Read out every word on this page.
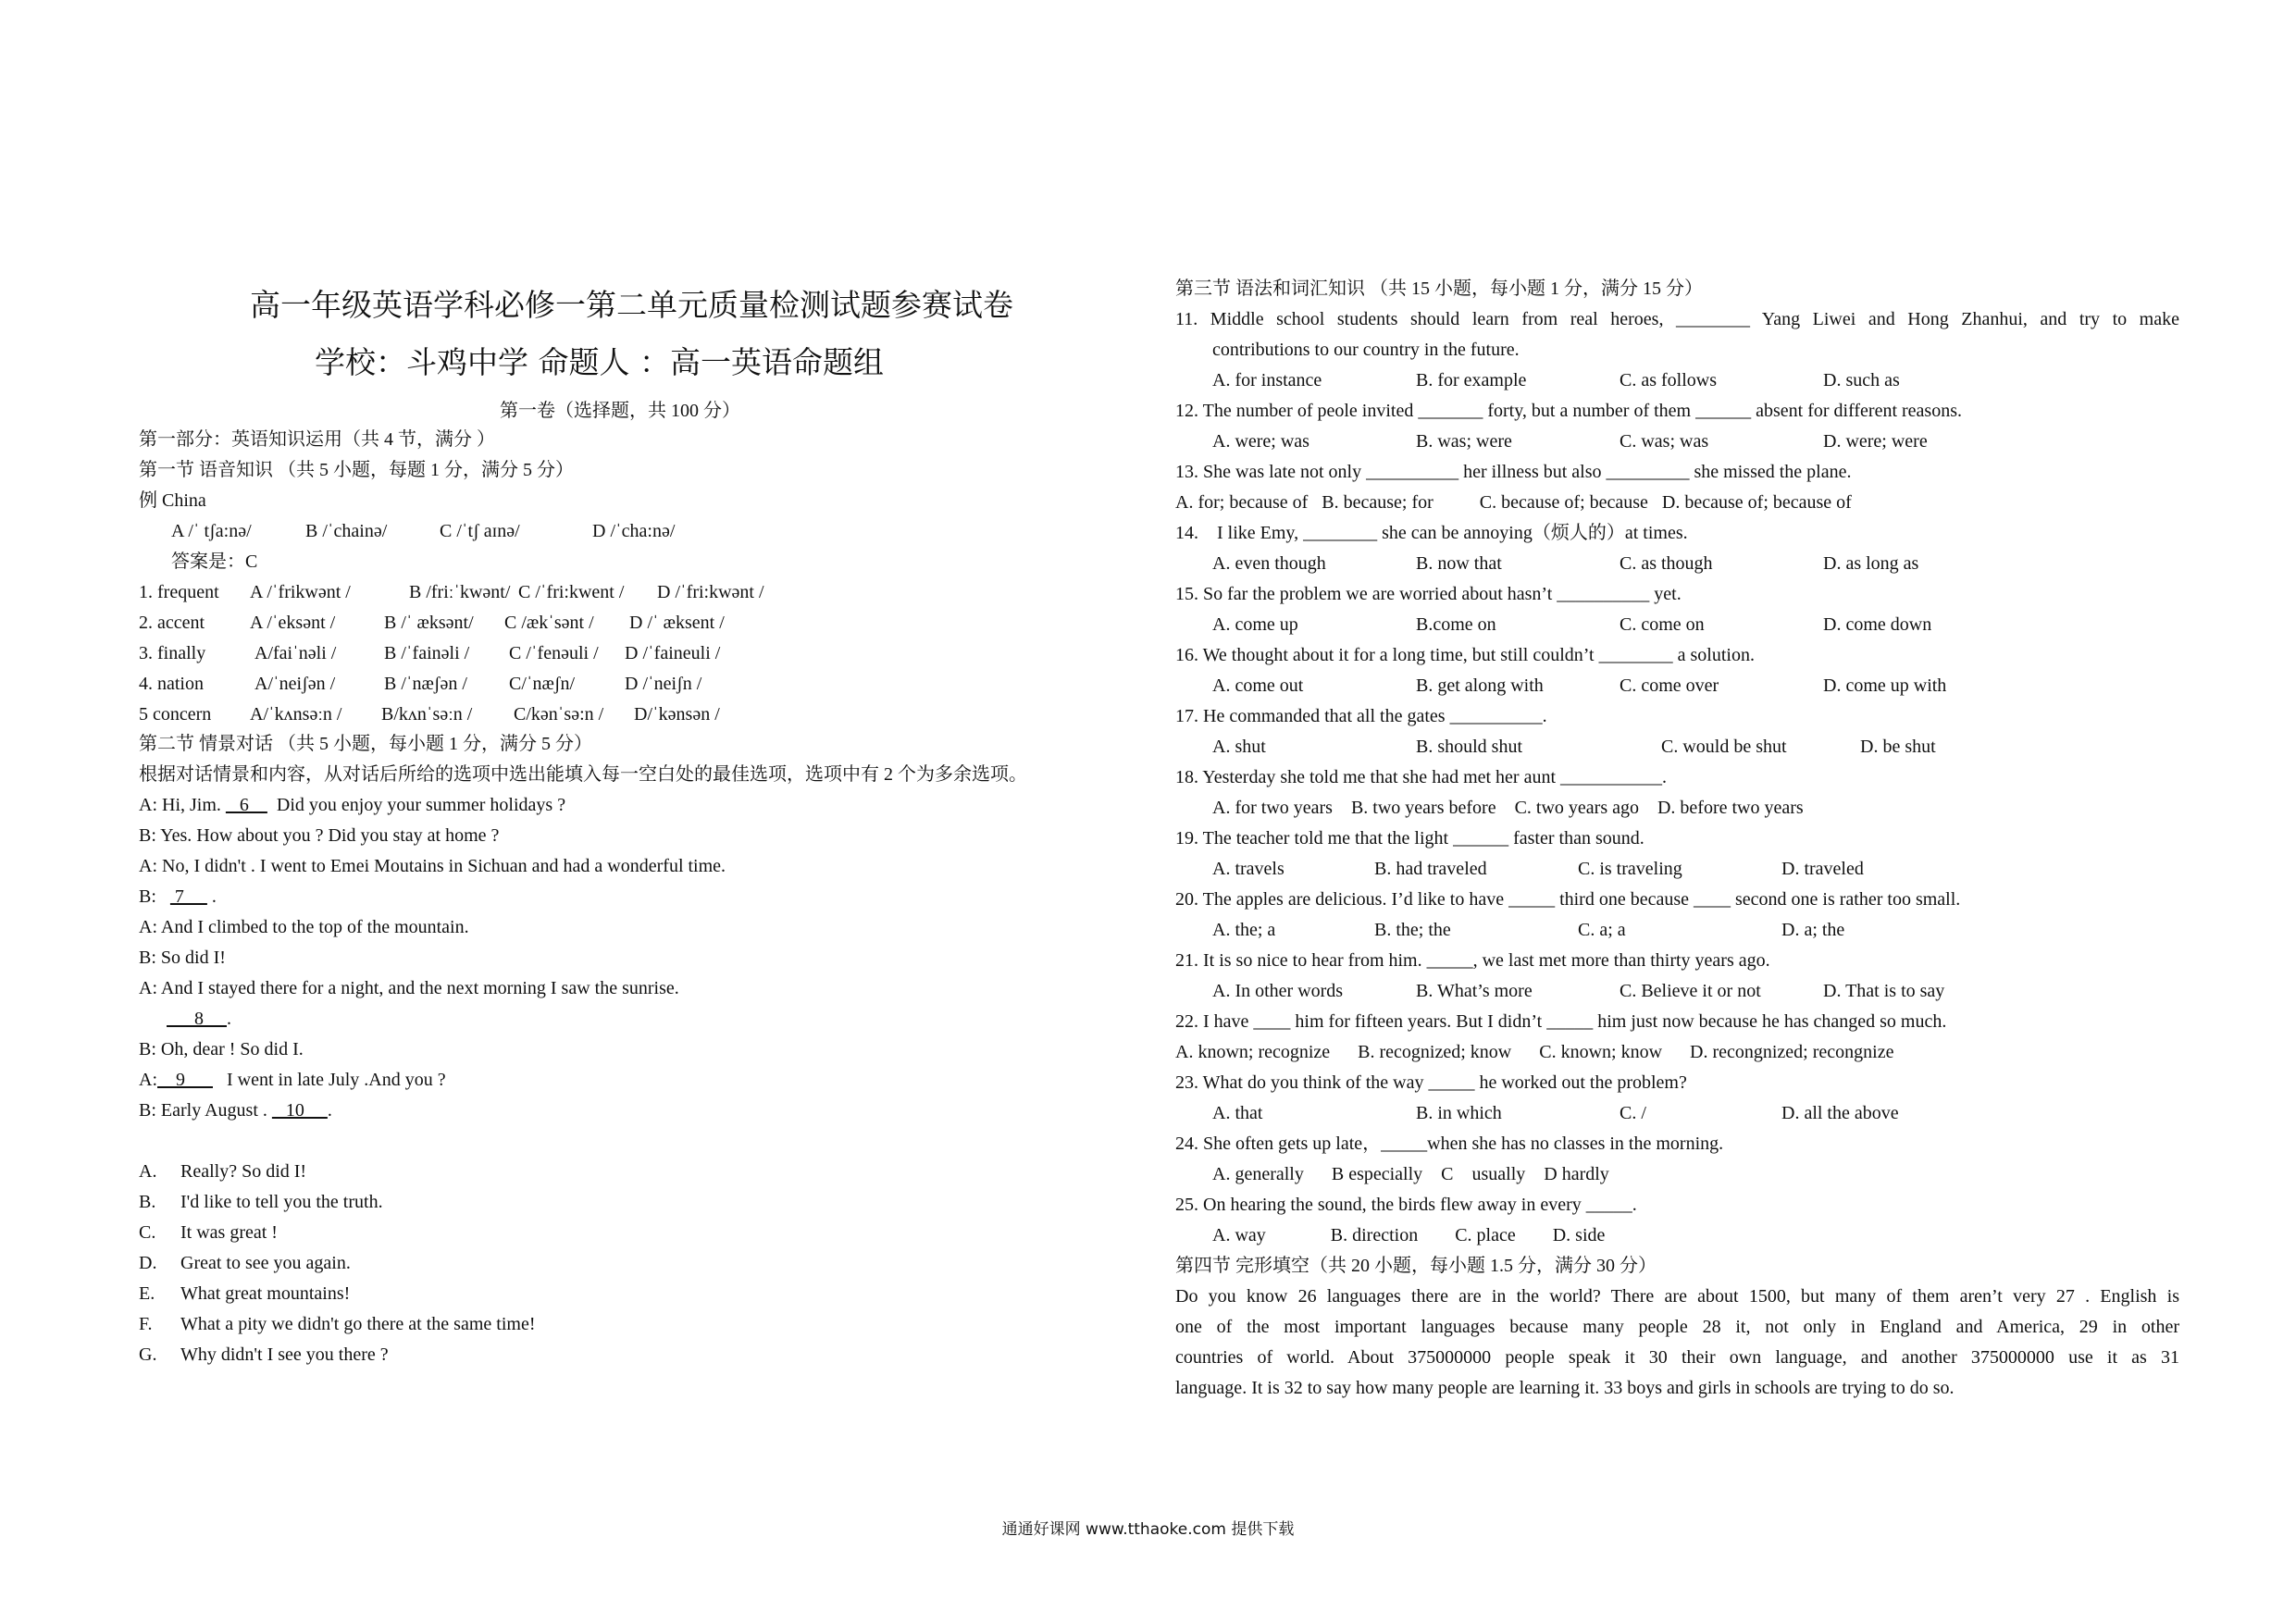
高一年级英语学科必修一第二单元质量检测试题参赛试卷
学校：斗鸡中学 命题人 ：高一英语命题组
第一卷（选择题，共 100 分）
第一部分：英语知识运用（共 4 节，满分 ）
第一节 语音知识 （共 5 小题，每题 1 分，满分 5 分）
例 China
A /ˈ tʃa:nə/	B /ˈchainə/	C /ˈtʃ aɪnə/	D /ˈcha:nə/
答案是：C
1. frequent A /ˈfrikwənt /	B /friːˈkwənt/ C /ˈfri:kwent / D /ˈfri:kwənt /
2. accent A /ˈeksənt /	B /ˈ æksənt/ C /ækˈsənt / D /ˈ æksent /
3. finally	A/faiˈnəli /	B /ˈfainəli / C /ˈfenəuli / D /ˈfaineuli /
4. nation	A/ˈneiʃən /	B /ˈnæʃən / C/ˈnæʃn/	D /ˈneiʃn /
5 concern A/ˈkʌnsəːn / B/kʌnˈsəːn / C/kənˈsə:n / D/ˈkənsən /
第二节 情景对话 （共 5 小题，每小题 1 分，满分 5 分）
根据对话情景和内容，从对话后所给的选项中选出能填入每一空白处的最佳选项，选项中有 2 个为多余选项。
A: Hi, Jim.    6      Did you enjoy your summer holidays ?
B: Yes. How about you ? Did you stay at home ?
A: No, I didn't . I went to Emei Moutains in Sichuan and had a wonderful time.
B:    7      .
A: And I climbed to the top of the mountain.
B: So did I!
A: And I stayed there for a night, and the next morning I saw the sunrise.
8     .
B: Oh, dear ! So did I.
A:    9         I went in late July .And you ?
B: Early August .    10     .
A. Really? So did I!
B. I'd like to tell you the truth.
C. It was great !
D. Great to see you again.
E. What great mountains!
F. What a pity we didn't go there at the same time!
G. Why didn't I see you there ?
第三节 语法和词汇知识 （共 15 小题，每小题 1 分，满分 15 分）
11. Middle school students should learn from real heroes, ________ Yang Liwei and Hong Zhanhui, and try to make
contributions to our country in the future.
A. for instance	B. for example	C. as follows	D. such as
12. The number of peole invited _______ forty, but a number of them ______ absent for different reasons.
A. were; was	B. was; were	C. was; was	D. were; were
13. She was late not only __________ her illness but also _________ she missed the plane.
A. for; because of   B. because; for          C. because of; because   D. because of; because of
14.    I like Emy, ________ she can be annoying（烦人的）at times.
A. even though	B. now that	C. as though	D. as long as
15. So far the problem we are worried about hasn’t __________ yet.
A. come up	B.come on	C. come on	D. come down
16. We thought about it for a long time, but still couldn’t ________ a solution.
A. come out	B. get along with	C. come over	D. come up with
17. He commanded that all the gates __________.
A. shut	B. should shut	C. would be shut	D. be shut
18. Yesterday she told me that she had met her aunt ___________.
A. for two years    B. two years before    C. two years ago    D. before two years
19. The teacher told me that the light ______ faster than sound.
A. travels	B. had traveled	C. is traveling	D. traveled
20. The apples are delicious. I’d like to have _____ third one because ____ second one is rather too small.
A. the; a	B. the; the	C. a; a	D. a; the
21. It is so nice to hear from him. _____, we last met more than thirty years ago.
A. In other words	B. What’s more	C. Believe it or not	D. That is to say
22. I have ____ him for fifteen years. But I didn’t _____ him just now because he has changed so much.
A. known; recognize      B. recognized; know      C. known; know      D. recongnized; recongnize
23. What do you think of the way _____ he worked out the problem?
A. that	B. in which	C. /	D. all the above
24. She often gets up late，_____when she has no classes in the morning.
A. generally      B especially    C    usually    D hardly
25. On hearing the sound, the birds flew away in every _____.
A. way              B. direction        C. place        D. side
第四节 完形填空（共 20 小题，每小题 1.5 分，满分 30 分）
Do you know 26 languages there are in the world? There are about 1500, but many of them aren’t very 27 . English is
one of the most important languages because many people 28 it, not only in England and America, 29 in other
countries of world. About 375000000 people speak it 30 their own language, and another 375000000 use it as 31
language. It is 32 to say how many people are learning it. 33 boys and girls in schools are trying to do so.
通通好课网 www.tthaoke.com 提供下载
